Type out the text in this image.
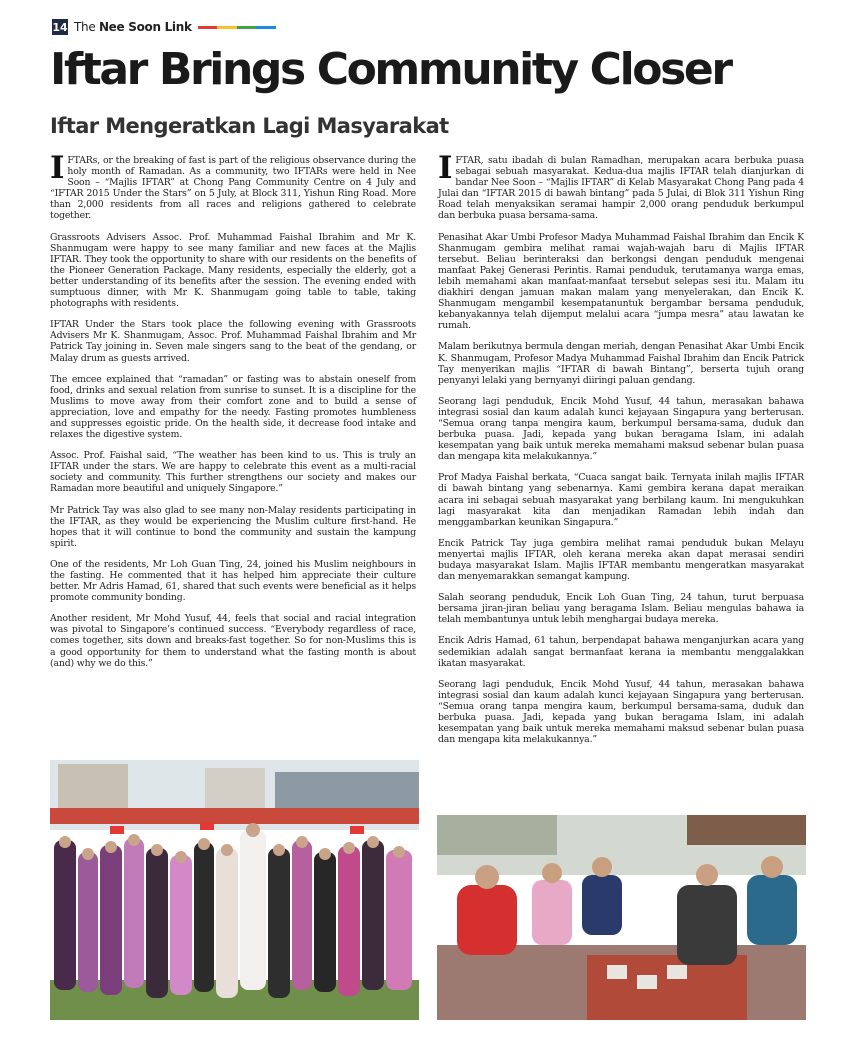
14 The Nee Soon Link
Iftar Brings Community Closer
Iftar Mengeratkan Lagi Masyarakat

IFTARs, or the breaking of fast is part of the religious observance during the holy month of Ramadan. As a community, two IFTARs were held in Nee Soon – “Majlis IFTAR” at Chong Pang Community Centre on 4 July and “IFTAR 2015 Under the Stars” on 5 July, at Block 311, Yishun Ring Road. More than 2,000 residents from all races and religions gathered to celebrate together.

Grassroots Advisers Assoc. Prof. Muhammad Faishal Ibrahim and Mr K. Shanmugam were happy to see many familiar and new faces at the Majlis IFTAR. They took the opportunity to share with our residents on the benefits of the Pioneer Generation Package. Many residents, especially the elderly, got a better understanding of its benefits after the session. The evening ended with sumptuous dinner, with Mr K. Shanmugam going table to table, taking photographs with residents.

IFTAR Under the Stars took place the following evening with Grassroots Advisers Mr K. Shanmugam, Assoc. Prof. Muhammad Faishal Ibrahim and Mr Patrick Tay joining in. Seven male singers sang to the beat of the gendang, or Malay drum as guests arrived.

The emcee explained that “ramadan” or fasting was to abstain oneself from food, drinks and sexual relation from sunrise to sunset. It is a discipline for the Muslims to move away from their comfort zone and to build a sense of appreciation, love and empathy for the needy. Fasting promotes humbleness and suppresses egoistic pride. On the health side, it decrease food intake and relaxes the digestive system.

Assoc. Prof. Faishal said, “The weather has been kind to us. This is truly an IFTAR under the stars. We are happy to celebrate this event as a multi-racial society and community. This further strengthens our society and makes our Ramadan more beautiful and uniquely Singapore.”

Mr Patrick Tay was also glad to see many non-Malay residents participating in the IFTAR, as they would be experiencing the Muslim culture first-hand. He hopes that it will continue to bond the community and sustain the kampung spirit.

One of the residents, Mr Loh Guan Ting, 24, joined his Muslim neighbours in the fasting. He commented that it has helped him appreciate their culture better. Mr Adris Hamad, 61, shared that such events were beneficial as it helps promote community bonding.

Another resident, Mr Mohd Yusuf, 44, feels that social and racial integration was pivotal to Singapore’s continued success. “Everybody regardless of race, comes together, sits down and breaks-fast together. So for non-Muslims this is a good opportunity for them to understand what the fasting month is about (and) why we do this.”

IFTAR, satu ibadah di bulan Ramadhan, merupakan acara berbuka puasa sebagai sebuah masyarakat. Kedua-dua majlis IFTAR telah dianjurkan di bandar Nee Soon – “Majlis IFTAR” di Kelab Masyarakat Chong Pang pada 4 Julai dan “IFTAR 2015 di bawah bintang” pada 5 Julai, di Blok 311 Yishun Ring Road telah menyaksikan seramai hampir 2,000 orang penduduk berkumpul dan berbuka puasa bersama-sama.

Penasihat Akar Umbi Profesor Madya Muhammad Faishal Ibrahim dan Encik K Shanmugam gembira melihat ramai wajah-wajah baru di Majlis IFTAR tersebut. Beliau berinteraksi dan berkongsi dengan penduduk mengenai manfaat Pakej Generasi Perintis. Ramai penduduk, terutamanya warga emas, lebih memahami akan manfaat-manfaat tersebut selepas sesi itu. Malam itu diakhiri dengan jamuan makan malam yang menyelerakan, dan Encik K. Shanmugam mengambil kesempatanuntuk bergambar bersama penduduk, kebanyakannya telah dijemput melalui acara “jumpa mesra” atau lawatan ke rumah.

Malam berikutnya bermula dengan meriah, dengan Penasihat Akar Umbi Encik K. Shanmugam, Profesor Madya Muhammad Faishal Ibrahim dan Encik Patrick Tay menyerikan majlis “IFTAR di bawah Bintang”, berserta tujuh orang penyanyi lelaki yang bernyanyi diiringi paluan gendang.

Seorang lagi penduduk, Encik Mohd Yusuf, 44 tahun, merasakan bahawa integrasi sosial dan kaum adalah kunci kejayaan Singapura yang berterusan. “Semua orang tanpa mengira kaum, berkumpul bersama-sama, duduk dan berbuka puasa. Jadi, kepada yang bukan beragama Islam, ini adalah kesempatan yang baik untuk mereka memahami maksud sebenar bulan puasa dan mengapa kita melakukannya.”

Prof Madya Faishal berkata, “Cuaca sangat baik. Ternyata inilah majlis IFTAR di bawah bintang yang sebenarnya. Kami gembira kerana dapat meraikan acara ini sebagai sebuah masyarakat yang berbilang kaum. Ini mengukuhkan lagi masyarakat kita dan menjadikan Ramadan lebih indah dan menggambarkan keunikan Singapura.”

Encik Patrick Tay juga gembira melihat ramai penduduk bukan Melayu menyertai majlis IFTAR, oleh kerana mereka akan dapat merasai sendiri budaya masyarakat Islam. Majlis IFTAR membantu mengeratkan masyarakat dan menyemarakkan semangat kampung.

Salah seorang penduduk, Encik Loh Guan Ting, 24 tahun, turut berpuasa bersama jiran-jiran beliau yang beragama Islam. Beliau mengulas bahawa ia telah membantunya untuk lebih menghargai budaya mereka.

Encik Adris Hamad, 61 tahun, berpendapat bahawa menganjurkan acara yang sedemikian adalah sangat bermanfaat kerana ia membantu menggalakkan ikatan masyarakat.

Seorang lagi penduduk, Encik Mohd Yusuf, 44 tahun, merasakan bahawa integrasi sosial dan kaum adalah kunci kejayaan Singapura yang berterusan. “Semua orang tanpa mengira kaum, berkumpul bersama-sama, duduk dan berbuka puasa. Jadi, kepada yang bukan beragama Islam, ini adalah kesempatan yang baik untuk mereka memahami maksud sebenar bulan puasa dan mengapa kita melakukannya.”
